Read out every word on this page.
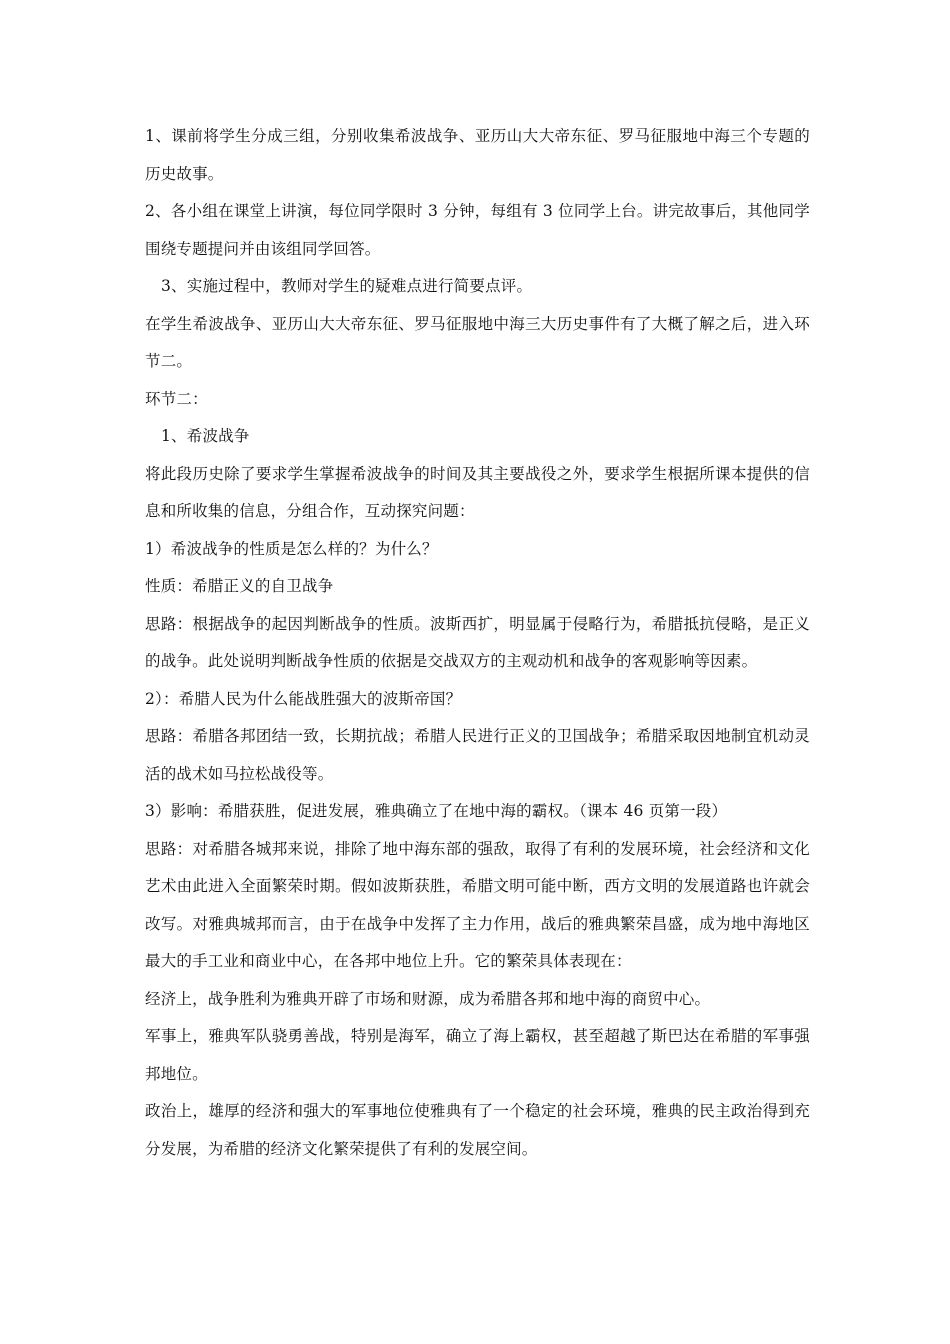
1、课前将学生分成三组，分别收集希波战争、亚历山大大帝东征、罗马征服地中海三个专题的历史故事。

2、各小组在课堂上讲演，每位同学限时 3 分钟，每组有 3 位同学上台。讲完故事后，其他同学围绕专题提问并由该组同学回答。

3、实施过程中，教师对学生的疑难点进行简要点评。

在学生希波战争、亚历山大大帝东征、罗马征服地中海三大历史事件有了大概了解之后，进入环节二。

环节二：

1、希波战争

将此段历史除了要求学生掌握希波战争的时间及其主要战役之外，要求学生根据所课本提供的信息和所收集的信息，分组合作，互动探究问题：

1）希波战争的性质是怎么样的？为什么？

性质：希腊正义的自卫战争

思路：根据战争的起因判断战争的性质。波斯西扩，明显属于侵略行为，希腊抵抗侵略，是正义的战争。此处说明判断战争性质的依据是交战双方的主观动机和战争的客观影响等因素。

2）：希腊人民为什么能战胜强大的波斯帝国？

思路：希腊各邦团结一致，长期抗战；希腊人民进行正义的卫国战争；希腊采取因地制宜机动灵活的战术如马拉松战役等。

3）影响：希腊获胜，促进发展，雅典确立了在地中海的霸权。（课本 46 页第一段）

思路：对希腊各城邦来说，排除了地中海东部的强敌，取得了有利的发展环境，社会经济和文化艺术由此进入全面繁荣时期。假如波斯获胜，希腊文明可能中断，西方文明的发展道路也许就会改写。对雅典城邦而言，由于在战争中发挥了主力作用，战后的雅典繁荣昌盛，成为地中海地区最大的手工业和商业中心，在各邦中地位上升。它的繁荣具体表现在：

经济上，战争胜利为雅典开辟了市场和财源，成为希腊各邦和地中海的商贸中心。

军事上，雅典军队骁勇善战，特别是海军，确立了海上霸权，甚至超越了斯巴达在希腊的军事强邦地位。

政治上，雄厚的经济和强大的军事地位使雅典有了一个稳定的社会环境，雅典的民主政治得到充分发展，为希腊的经济文化繁荣提供了有利的发展空间。
